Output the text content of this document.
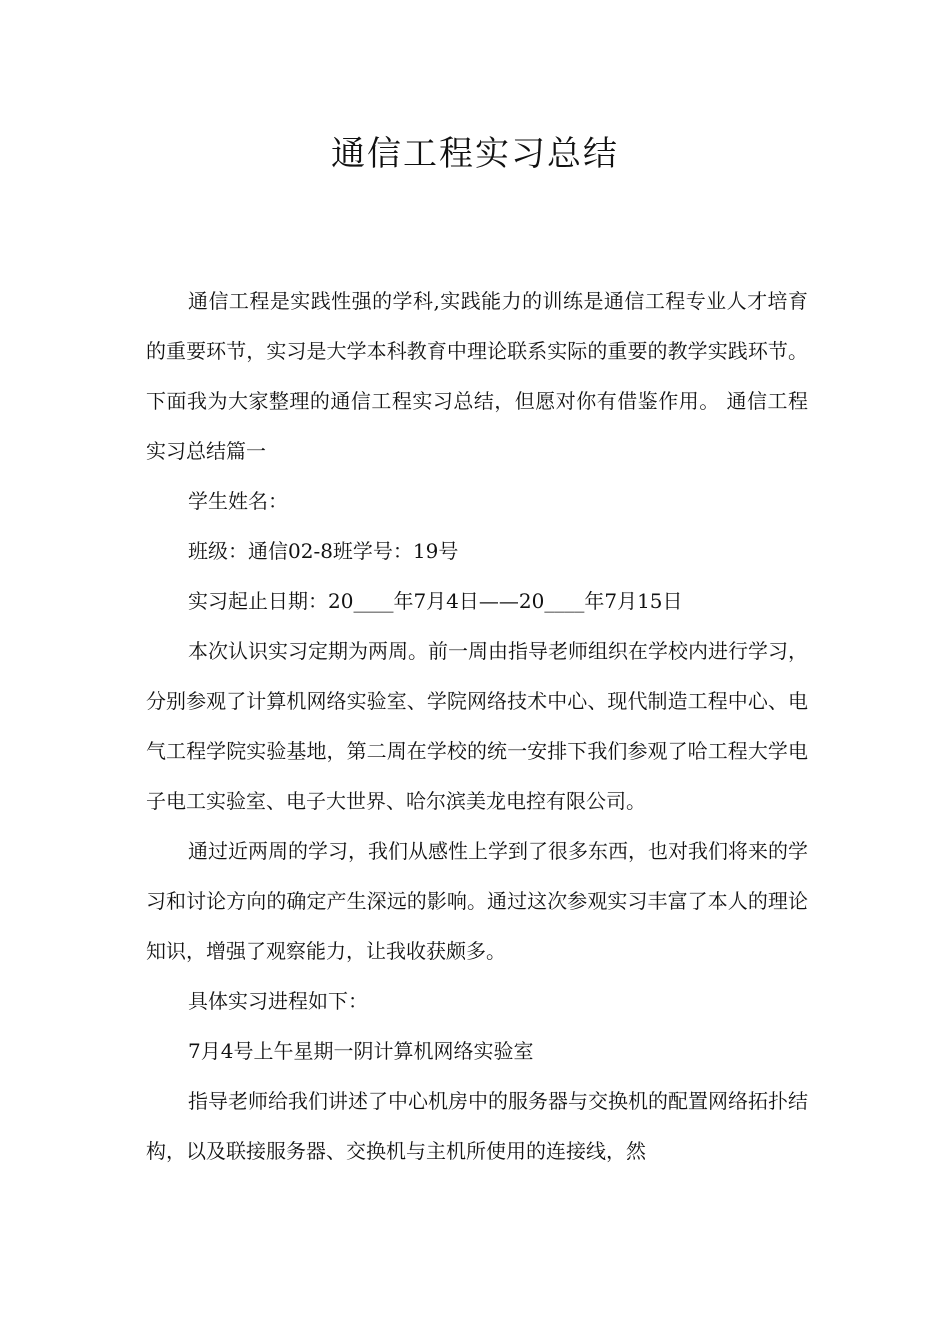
通信工程实习总结

通信工程是实践性强的学科,实践能力的训练是通信工程专业人才培育的重要环节，实习是大学本科教育中理论联系实际的重要的教学实践环节。下面我为大家整理的通信工程实习总结，但愿对你有借鉴作用。 通信工程实习总结篇一

学生姓名：

班级：通信02-8班学号：19号

实习起止日期：20____年7月4日——20____年7月15日

本次认识实习定期为两周。前一周由指导老师组织在学校内进行学习，分别参观了计算机网络实验室、学院网络技术中心、现代制造工程中心、电气工程学院实验基地，第二周在学校的统一安排下我们参观了哈工程大学电子电工实验室、电子大世界、哈尔滨美龙电控有限公司。

通过近两周的学习，我们从感性上学到了很多东西，也对我们将来的学习和讨论方向的确定产生深远的影响。通过这次参观实习丰富了本人的理论知识，增强了观察能力，让我收获颇多。

具体实习进程如下：

7月4号上午星期一阴计算机网络实验室

指导老师给我们讲述了中心机房中的服务器与交换机的配置网络拓扑结构，以及联接服务器、交换机与主机所使用的连接线，然
